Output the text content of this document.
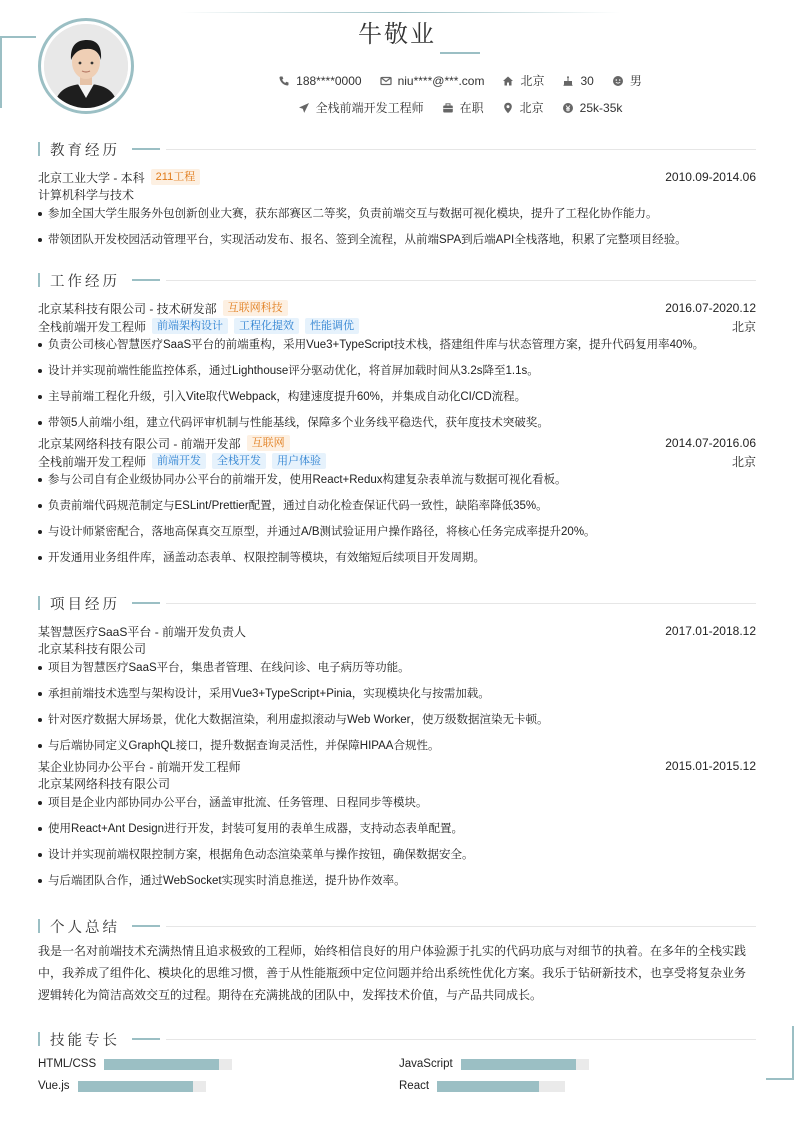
牛敬业
188****0000	niu****@***.com	北京	30	男
全栈前端开发工程师	在职	北京	25k-35k
教育经历
北京工业大学 - 本科	211工程	2010.09-2014.06
计算机科学与技术
参加全国大学生服务外包创新创业大赛，获东部赛区二等奖，负责前端交互与数据可视化模块，提升了工程化协作能力。
带领团队开发校园活动管理平台，实现活动发布、报名、签到全流程，从前端SPA到后端API全栈落地，积累了完整项目经验。
工作经历
北京某科技有限公司 - 技术研发部	互联网科技	2016.07-2020.12
全栈前端开发工程师	前端架构设计	工程化提效	性能调优	北京
负责公司核心智慧医疗SaaS平台的前端重构，采用Vue3+TypeScript技术栈，搭建组件库与状态管理方案，提升代码复用率40%。
设计并实现前端性能监控体系，通过Lighthouse评分驱动优化，将首屏加载时间从3.2s降至1.1s。
主导前端工程化升级，引入Vite取代Webpack，构建速度提升60%，并集成自动化CI/CD流程。
带领5人前端小组，建立代码评审机制与性能基线，保障多个业务线平稳迭代，获年度技术突破奖。
北京某网络科技有限公司 - 前端开发部	互联网	2014.07-2016.06
全栈前端开发工程师	前端开发	全栈开发	用户体验	北京
参与公司自有企业级协同办公平台的前端开发，使用React+Redux构建复杂表单流与数据可视化看板。
负责前端代码规范制定与ESLint/Prettier配置，通过自动化检查保证代码一致性，缺陷率降低35%。
与设计师紧密配合，落地高保真交互原型，并通过A/B测试验证用户操作路径，将核心任务完成率提升20%。
开发通用业务组件库，涵盖动态表单、权限控制等模块，有效缩短后续项目开发周期。
项目经历
某智慧医疗SaaS平台 - 前端开发负责人	2017.01-2018.12
北京某科技有限公司
项目为智慧医疗SaaS平台，集患者管理、在线问诊、电子病历等功能。
承担前端技术选型与架构设计，采用Vue3+TypeScript+Pinia，实现模块化与按需加载。
针对医疗数据大屏场景，优化大数据渲染，利用虚拟滚动与Web Worker，使万级数据渲染无卡顿。
与后端协同定义GraphQL接口，提升数据查询灵活性，并保障HIPAA合规性。
某企业协同办公平台 - 前端开发工程师	2015.01-2015.12
北京某网络科技有限公司
项目是企业内部协同办公平台，涵盖审批流、任务管理、日程同步等模块。
使用React+Ant Design进行开发，封装可复用的表单生成器，支持动态表单配置。
设计并实现前端权限控制方案，根据角色动态渲染菜单与操作按钮，确保数据安全。
与后端团队合作，通过WebSocket实现实时消息推送，提升协作效率。
个人总结

我是一名对前端技术充满热情且追求极致的工程师，始终相信良好的用户体验源于扎实的代码功底与对细节的执着。在多年的全栈实践中，我养成了组件化、模块化的思维习惯，善于从性能瓶颈中定位问题并给出系统性优化方案。我乐于钻研新技术，也享受将复杂业务逻辑转化为简洁高效交互的过程。期待在充满挑战的团队中，发挥技术价值，与产品共同成长。

技能专长
HTML/CSS	JavaScript
Vue.js	React
